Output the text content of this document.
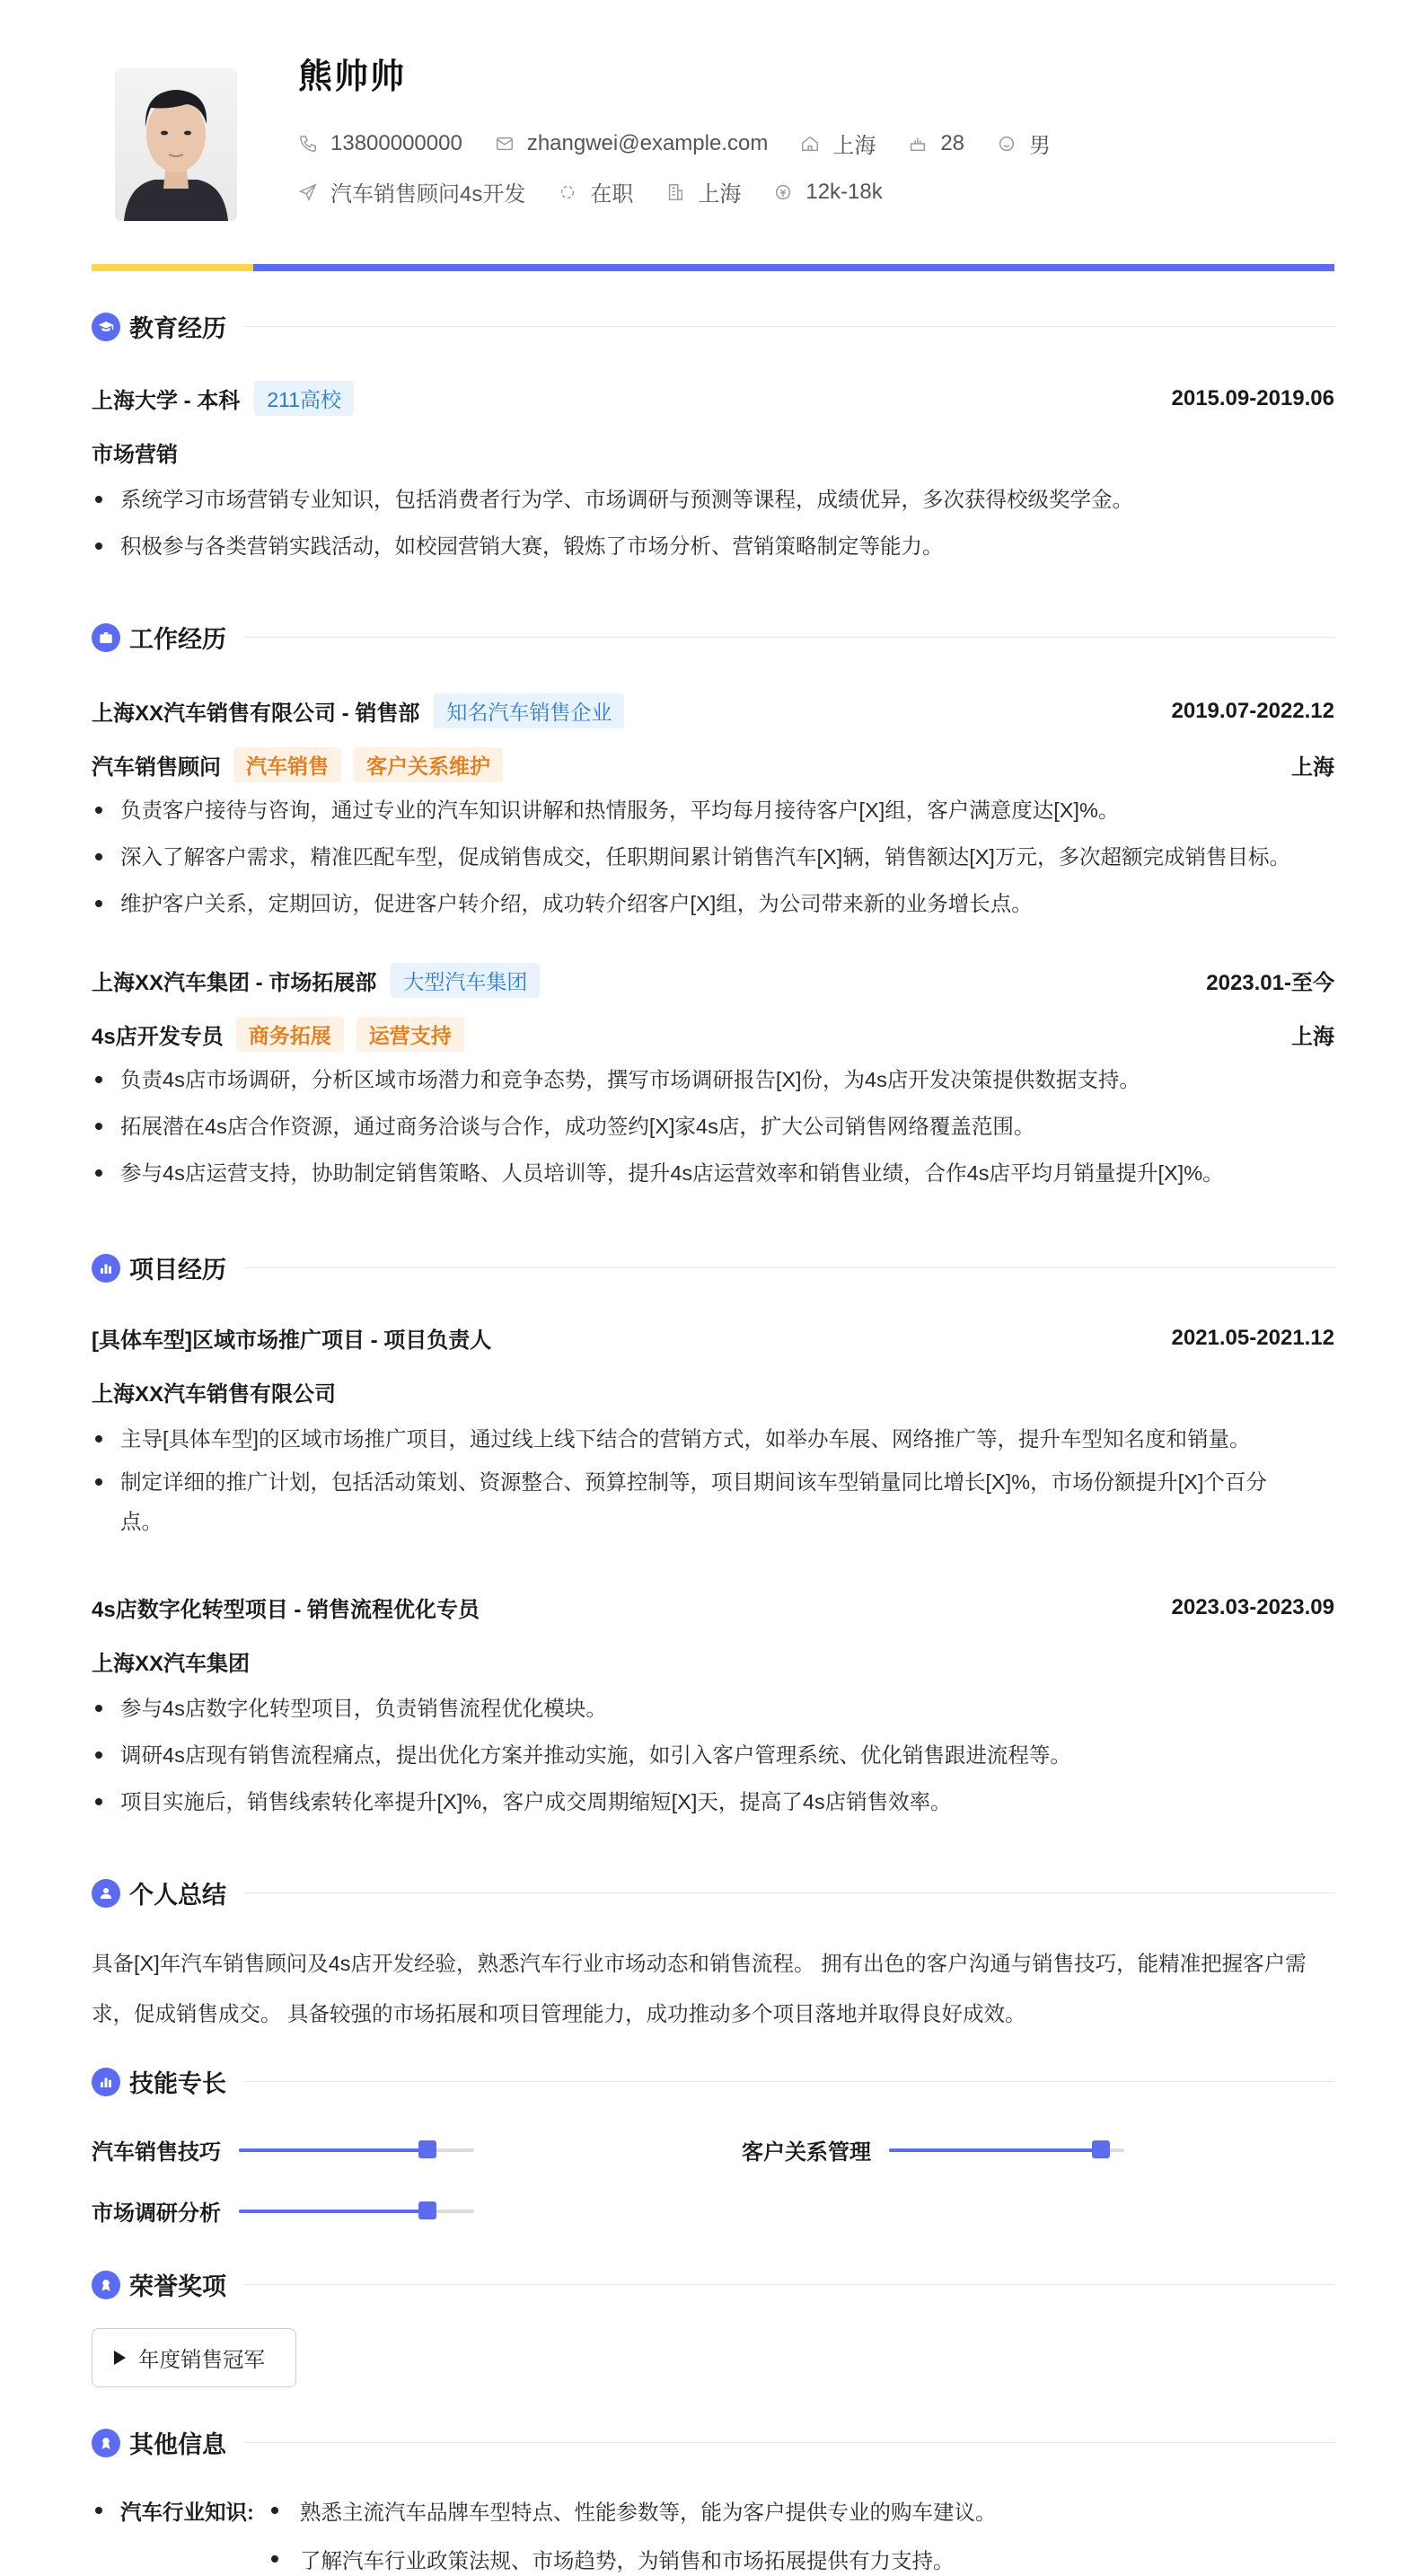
熊帅帅
13800000000	zhangwei@example.com	上海	28	男
汽车销售顾问4s开发	在职	上海	12k-18k
教育经历
上海大学 - 本科	211高校	2015.09-2019.06
市场营销
系统学习市场营销专业知识，包括消费者行为学、市场调研与预测等课程，成绩优异，多次获得校级奖学金。
积极参与各类营销实践活动，如校园营销大赛，锻炼了市场分析、营销策略制定等能力。
工作经历
上海XX汽车销售有限公司 - 销售部	知名汽车销售企业	2019.07-2022.12
汽车销售顾问	汽车销售	客户关系维护	上海
负责客户接待与咨询，通过专业的汽车知识讲解和热情服务，平均每月接待客户[X]组，客户满意度达[X]%。
深入了解客户需求，精准匹配车型，促成销售成交，任职期间累计销售汽车[X]辆，销售额达[X]万元，多次超额完成销售目标。
维护客户关系，定期回访，促进客户转介绍，成功转介绍客户[X]组，为公司带来新的业务增长点。
上海XX汽车集团 - 市场拓展部	大型汽车集团	2023.01-至今
4s店开发专员	商务拓展	运营支持	上海
负责4s店市场调研，分析区域市场潜力和竞争态势，撰写市场调研报告[X]份，为4s店开发决策提供数据支持。
拓展潜在4s店合作资源，通过商务洽谈与合作，成功签约[X]家4s店，扩大公司销售网络覆盖范围。
参与4s店运营支持，协助制定销售策略、人员培训等，提升4s店运营效率和销售业绩，合作4s店平均月销量提升[X]%。
项目经历
[具体车型]区域市场推广项目 - 项目负责人	2021.05-2021.12
上海XX汽车销售有限公司
主导[具体车型]的区域市场推广项目，通过线上线下结合的营销方式，如举办车展、网络推广等，提升车型知名度和销量。
制定详细的推广计划，包括活动策划、资源整合、预算控制等，项目期间该车型销量同比增长[X]%，市场份额提升[X]个百分点。
4s店数字化转型项目 - 销售流程优化专员	2023.03-2023.09
上海XX汽车集团
参与4s店数字化转型项目，负责销售流程优化模块。
调研4s店现有销售流程痛点，提出优化方案并推动实施，如引入客户管理系统、优化销售跟进流程等。
项目实施后，销售线索转化率提升[X]%，客户成交周期缩短[X]天，提高了4s店销售效率。
个人总结
具备[X]年汽车销售顾问及4s店开发经验，熟悉汽车行业市场动态和销售流程。 拥有出色的客户沟通与销售技巧，能精准把握客户需求，促成销售成交。 具备较强的市场拓展和项目管理能力，成功推动多个项目落地并取得良好成效。
技能专长
汽车销售技巧	客户关系管理
市场调研分析
荣誉奖项
年度销售冠军
其他信息
汽车行业知识: 熟悉主流汽车品牌车型特点、性能参数等，能为客户提供专业的购车建议。
了解汽车行业政策法规、市场趋势，为销售和市场拓展提供有力支持。
